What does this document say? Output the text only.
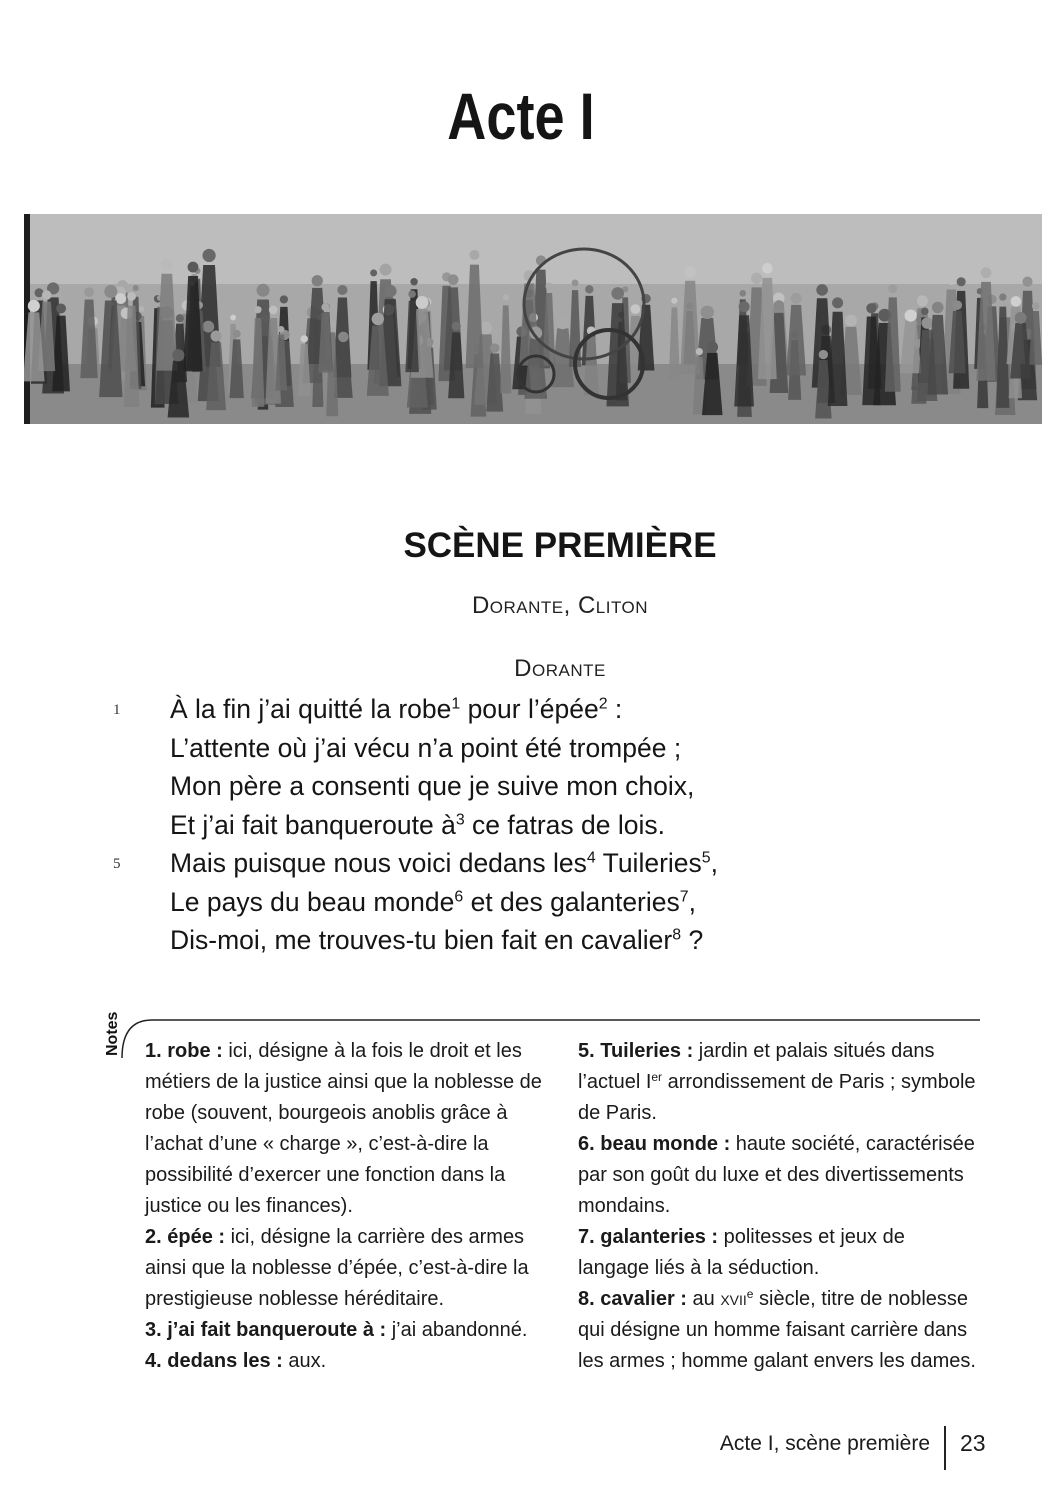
Acte I
SCÈNE PREMIÈRE
Dorante, Cliton
Dorante
1 À la fin j’ai quitté la robe$^1$ pour l’épée$^2$ :
L’attente où j’ai vécu n’a point été trompée ;
Mon père a consenti que je suive mon choix,
Et j’ai fait banqueroute $à^3$ ce fatras de lois.
5 Mais puisque nous voici dedans les$^4$ Tuileries$^5$,
Le pays du beau monde$^6$ et des galanteries$^7$,
Dis-moi, me trouves-tu bien fait en cavalier$^8$ ?
Notes 1. robe : ici, désigne à la fois le droit et les métiers de la justice ainsi que la noblesse de robe (souvent, bourgeois anoblis grâce à l’achat d’une « charge », c’est-à-dire la possibilité d’exercer une fonction dans la justice ou les finances).
2. épée : ici, désigne la carrière des armes ainsi que la noblesse d’épée, c’est-à-dire la prestigieuse noblesse héréditaire.
3. j’ai fait banqueroute à : j’ai abandonné.
4. dedans les : aux.
5. Tuileries : jardin et palais situés dans l’actuel Ier arrondissement de Paris ; symbole de Paris.
6. beau monde : haute société, caractérisée par son goût du luxe et des divertissements mondains.
7. galanteries : politesses et jeux de langage liés à la séduction.
8. cavalier : au xvii$^e$ siècle, titre de noblesse qui désigne un homme faisant carrière dans les armes ; homme galant envers les dames.
Acte I, scène première 23
